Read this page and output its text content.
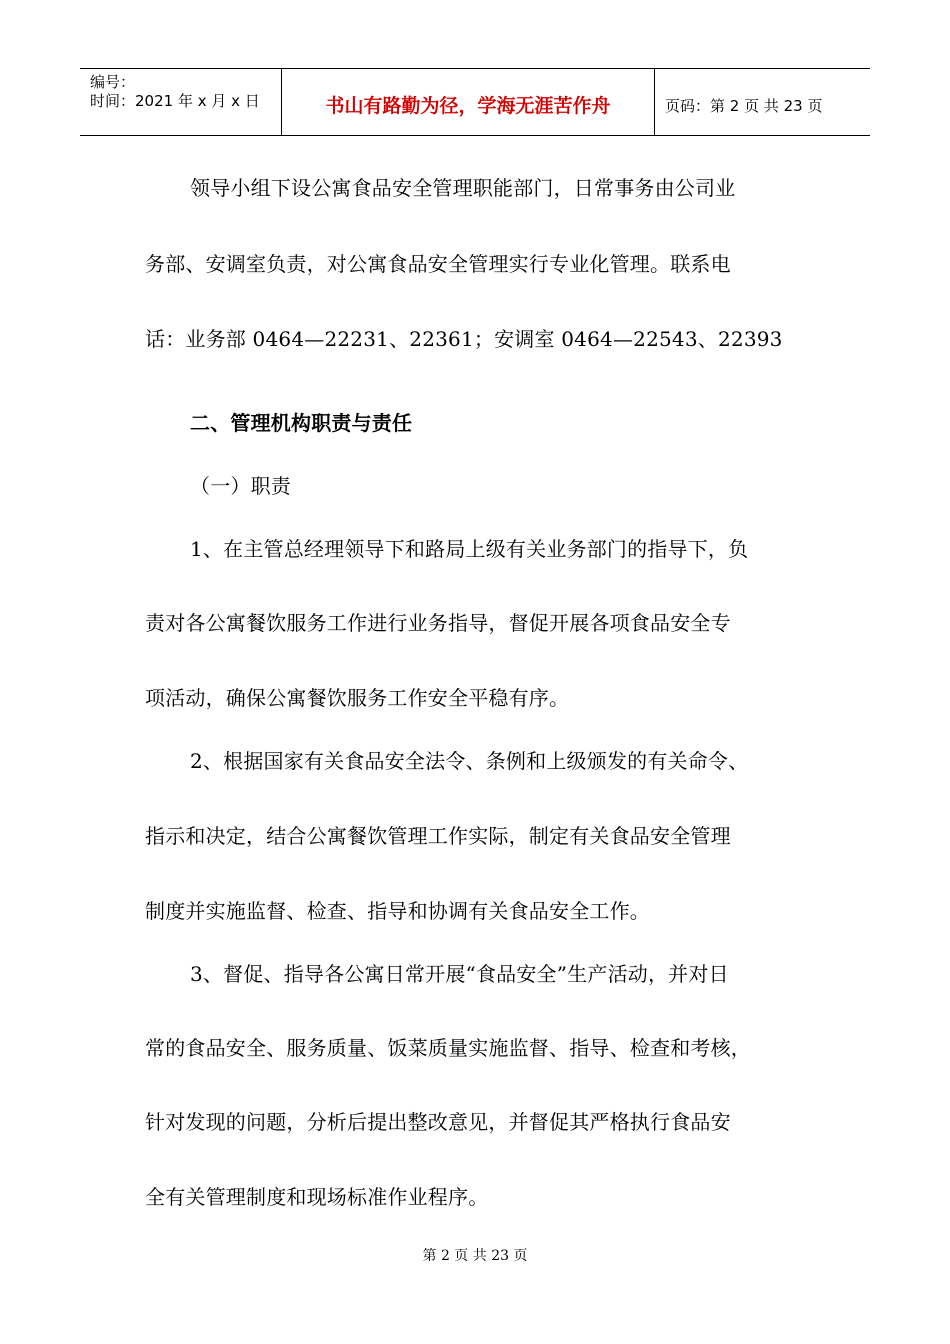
编号：
时间：2021 年 x 月 x 日	书山有路勤为径，学海无涯苦作舟	页码：第 2 页 共 23 页
领导小组下设公寓食品安全管理职能部门，日常事务由公司业
务部、安调室负责，对公寓食品安全管理实行专业化管理。联系电
话：业务部 0464—22231、22361；安调室 0464—22543、22393
二、管理机构职责与责任
（一）职责
1、在主管总经理领导下和路局上级有关业务部门的指导下，负
责对各公寓餐饮服务工作进行业务指导，督促开展各项食品安全专
项活动，确保公寓餐饮服务工作安全平稳有序。
2、根据国家有关食品安全法令、条例和上级颁发的有关命令、
指示和决定，结合公寓餐饮管理工作实际，制定有关食品安全管理
制度并实施监督、检查、指导和协调有关食品安全工作。
3、督促、指导各公寓日常开展“食品安全”生产活动，并对日
常的食品安全、服务质量、饭菜质量实施监督、指导、检查和考核，
针对发现的问题，分析后提出整改意见，并督促其严格执行食品安
全有关管理制度和现场标准作业程序。
第 2 页 共 23 页
